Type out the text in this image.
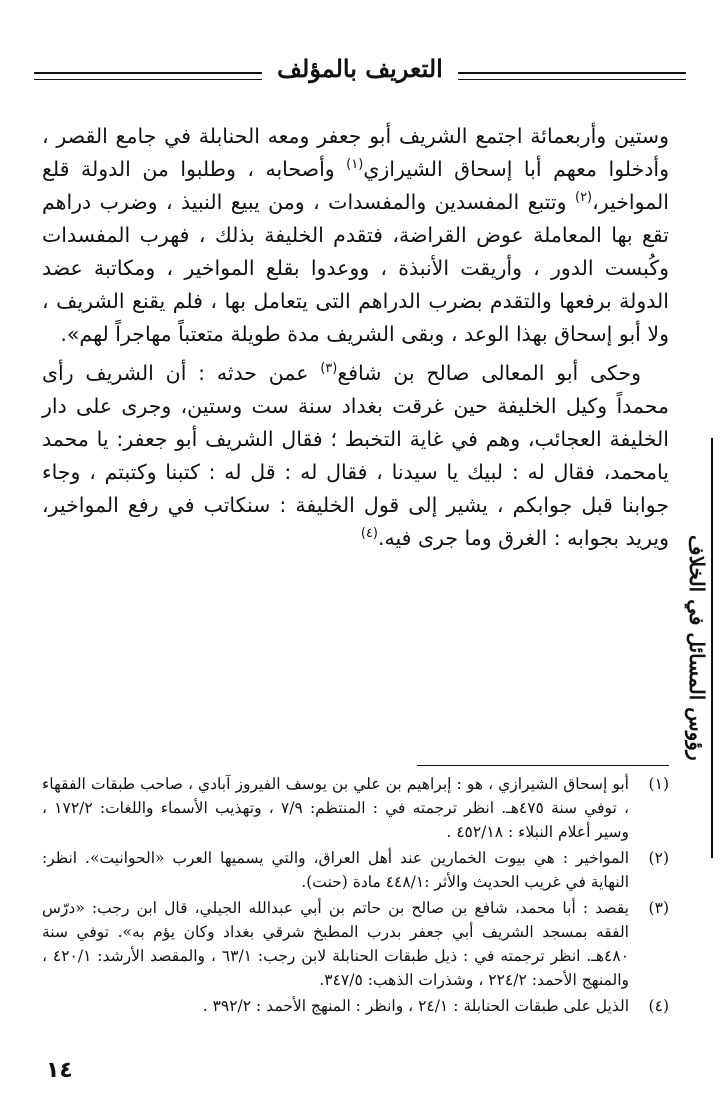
التعريف بالمؤلف
رؤوس المسائل في الخلاف

وستين وأربعمائة اجتمع الشريف أبو جعفر ومعه الحنابلة في جامع القصر ، وأدخلوا معهم أبا إسحاق الشيرازي$^{(١)}$ وأصحابه ، وطلبوا من الدولة قلع المواخير،$^{(٢)}$ وتتبع المفسدين والمفسدات ، ومن يبيع النبيذ ، وضرب دراهم تقع بها المعاملة عوض القراضة، فتقدم الخليفة بذلك ، فهرب المفسدات وكُبست الدور ، وأريقت الأنبذة ، ووعدوا بقلع المواخير ، ومكاتبة عضد الدولة برفعها والتقدم بضرب الدراهم التى يتعامل بها ، فلم يقنع الشريف ، ولا أبو إسحاق بهذا الوعد ، وبقى الشريف مدة طويلة متعتباً مهاجراً لهم».

وحكى أبو المعالى صالح بن شافع$^{(٣)}$ عمن حدثه : أن الشريف رأى محمداً وكيل الخليفة حين غرقت بغداد سنة ست وستين، وجرى على دار الخليفة العجائب، وهم في غاية التخبط ؛ فقال الشريف أبو جعفر: يا محمد يامحمد، فقال له : لبيك يا سيدنا ، فقال له : قل له : كتبنا وكتبتم ، وجاء جوابنا قبل جوابكم ، يشير إلى قول الخليفة : سنكاتب في رفع المواخير، ويريد بجوابه : الغرق وما جرى فيه.$^{(٤)}$

(١)
أبو إسحاق الشيرازي ، هو : إبراهيم بن علي بن يوسف الفيروز آبادي ، صاحب طبقات الفقهاء ، توفي سنة ٤٧٥هـ. انظر ترجمته في : المنتظم: ٧/٩ ، وتهذيب الأسماء واللغات: ١٧٢/٢ ، وسير أعلام النبلاء : ٤٥٢/١٨ .
(٢)
المواخير : هي بيوت الخمارين عند أهل العراق، والتي يسميها العرب «الحوانيت». انظر: النهاية في غريب الحديث والأثر :٤٤٨/١ مادة (حنت).
(٣)
يقصد : أبا محمد، شافع بن صالح بن حاتم بن أبي عبدالله الجيلي، قال ابن رجب: «درّس الفقه بمسجد الشريف أبي جعفر بدرب المطبخ شرقي بغداد وكان يؤم به». توفي سنة ٤٨٠هـ. انظر ترجمته في : ذيل طبقات الحنابلة لابن رجب: ٦٣/١ ، والمقصد الأرشد: ٤٢٠/١ ، والمنهج الأحمد: ٢٢٤/٢ ، وشذرات الذهب: ٣٤٧/٥.
(٤)
الذيل على طبقات الحنابلة : ٢٤/١ ، وانظر : المنهج الأحمد : ٣٩٢/٢ .
١٤
